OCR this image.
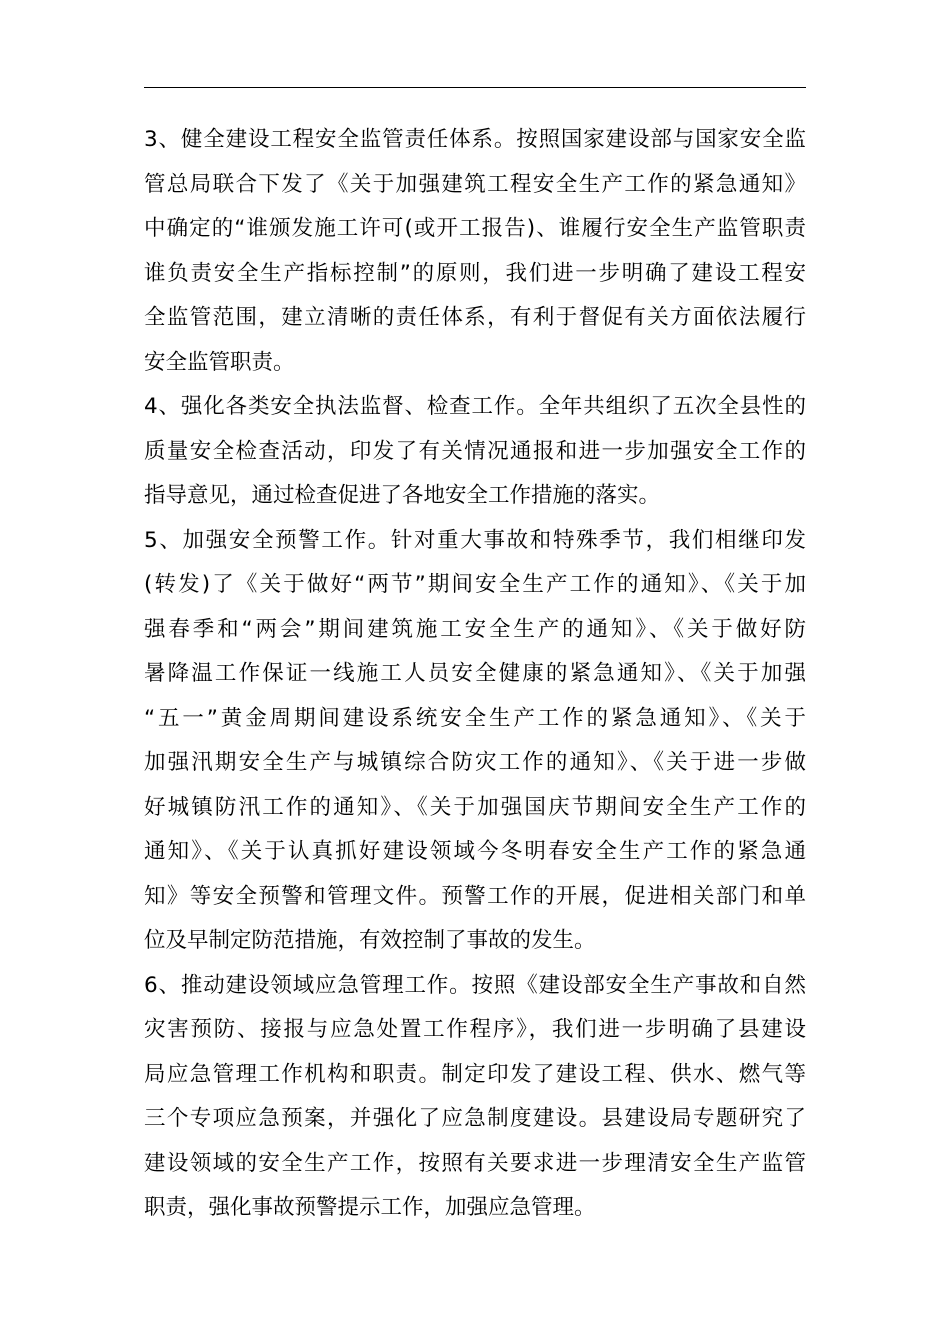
3、健全建设工程安全监管责任体系。按照国家建设部与国家安全监
管总局联合下发了《关于加强建筑工程安全生产工作的紧急通知》
中确定的“谁颁发施工许可(或开工报告)、谁履行安全生产监管职责
谁负责安全生产指标控制”的原则，我们进一步明确了建设工程安
全监管范围，建立清晰的责任体系，有利于督促有关方面依法履行
安全监管职责。
4、强化各类安全执法监督、检查工作。全年共组织了五次全县性的
质量安全检查活动，印发了有关情况通报和进一步加强安全工作的
指导意见，通过检查促进了各地安全工作措施的落实。
5、加强安全预警工作。针对重大事故和特殊季节，我们相继印发
(转发)了《关于做好“两节”期间安全生产工作的通知》、《关于加
强春季和“两会”期间建筑施工安全生产的通知》、《关于做好防
暑降温工作保证一线施工人员安全健康的紧急通知》、《关于加强
“五一”黄金周期间建设系统安全生产工作的紧急通知》、《关于
加强汛期安全生产与城镇综合防灾工作的通知》、《关于进一步做
好城镇防汛工作的通知》、《关于加强国庆节期间安全生产工作的
通知》、《关于认真抓好建设领域今冬明春安全生产工作的紧急通
知》等安全预警和管理文件。预警工作的开展，促进相关部门和单
位及早制定防范措施，有效控制了事故的发生。
6、推动建设领域应急管理工作。按照《建设部安全生产事故和自然
灾害预防、接报与应急处置工作程序》，我们进一步明确了县建设
局应急管理工作机构和职责。制定印发了建设工程、供水、燃气等
三个专项应急预案，并强化了应急制度建设。县建设局专题研究了
建设领域的安全生产工作，按照有关要求进一步理清安全生产监管
职责，强化事故预警提示工作，加强应急管理。
